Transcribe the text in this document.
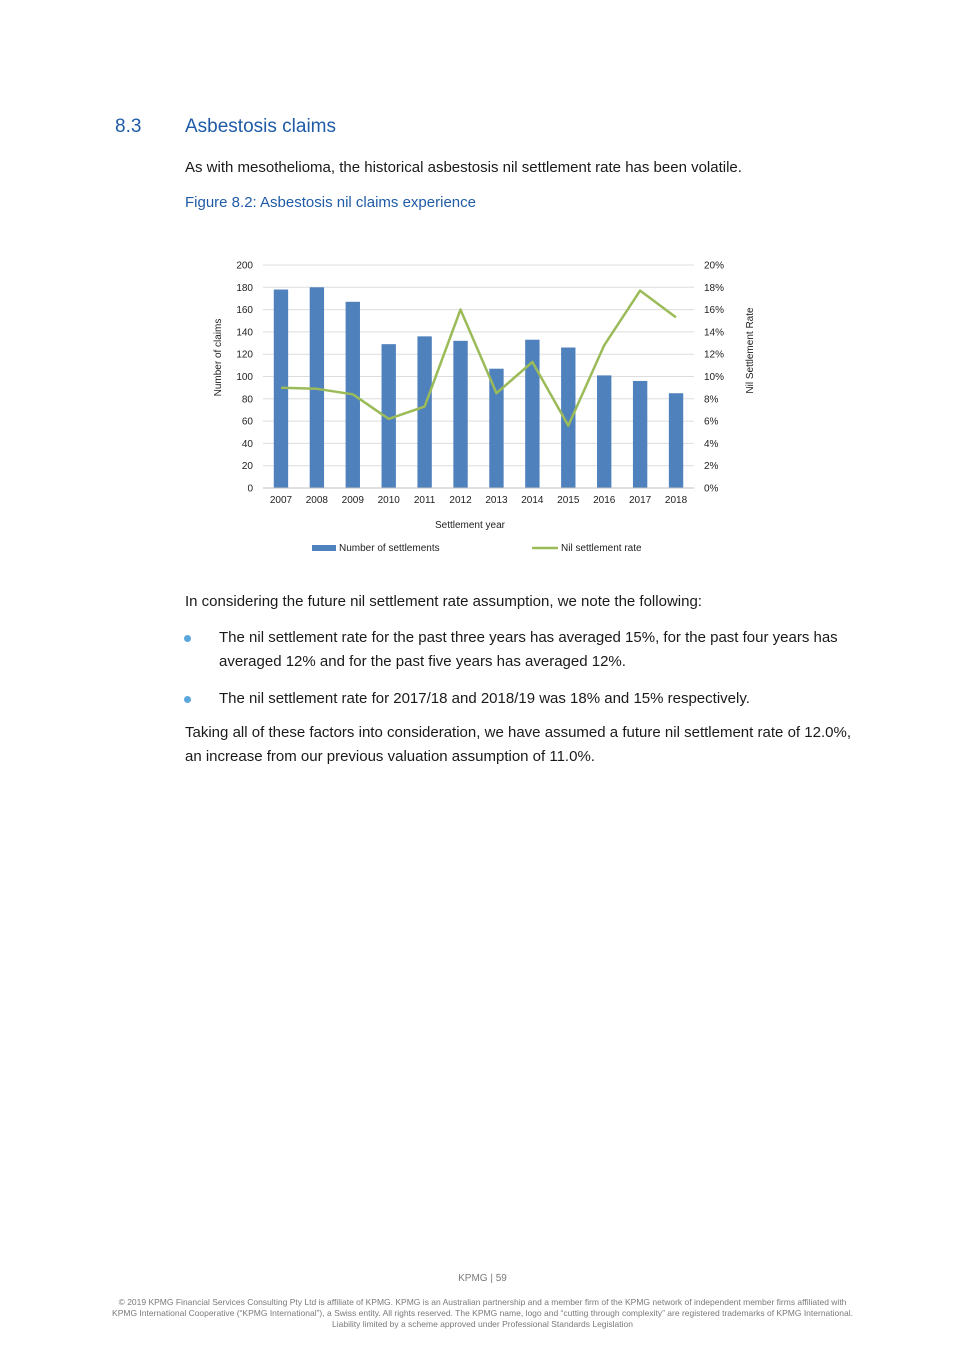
8.3 Asbestosis claims
As with mesothelioma, the historical asbestosis nil settlement rate has been volatile.
Figure 8.2: Asbestosis nil claims experience
0
20
40
60
80
100
120
140
160
180
200
0%
2%
4%
6%
8%
10%
12%
14%
16%
18%
20%
2007 2008 2009 2010 2011 2012 2013 2014 2015 2016 2017 2018
Settlement year
Number of claims	Nil Settlement Rate
Number of settlements	Nil settlement rate

In considering the future nil settlement rate assumption, we note the following:

The nil settlement rate for the past three years has averaged 15%, for the past four years has averaged 12% and for the past five years has averaged 12%.

The nil settlement rate for 2017/18 and 2018/19 was 18% and 15% respectively.

Taking all of these factors into consideration, we have assumed a future nil settlement rate of 12.0%, an increase from our previous valuation assumption of 11.0%.

KPMG | 59
© 2019 KPMG Financial Services Consulting Pty Ltd is affiliate of KPMG. KPMG is an Australian partnership and a member firm of the KPMG network of independent member firms affiliated with KPMG International Cooperative (“KPMG International”), a Swiss entity. All rights reserved. The KPMG name, logo and “cutting through complexity” are registered trademarks of KPMG International. Liability limited by a scheme approved under Professional Standards Legislation
